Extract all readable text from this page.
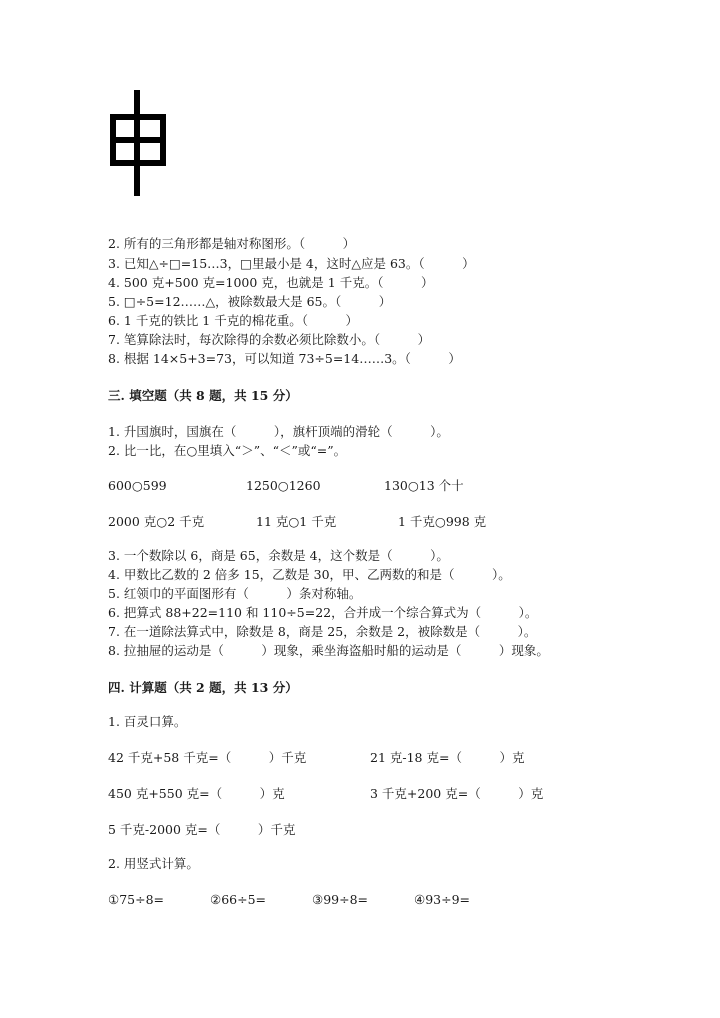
2. 所有的三角形都是轴对称图形。（　　　）
3. 已知△÷□=15…3，□里最小是 4，这时△应是 63。（　　　）
4. 500 克+500 克=1000 克，也就是 1 千克。（　　　）
5. □÷5=12……△，被除数最大是 65。（　　　）
6. 1 千克的铁比 1 千克的棉花重。（　　　）
7. 笔算除法时，每次除得的余数必须比除数小。（　　　）
8. 根据 14×5+3=73，可以知道 73÷5=14……3。（　　　）
三. 填空题（共 8 题，共 15 分）
1. 升国旗时，国旗在（　　　），旗杆顶端的滑轮（　　　）。
2. 比一比，在○里填入“＞”、“＜”或“=”。
600○599	1250○1260	130○13 个十
2000 克○2 千克	11 克○1 千克	1 千克○998 克
3. 一个数除以 6，商是 65，余数是 4，这个数是（　　　）。
4. 甲数比乙数的 2 倍多 15，乙数是 30，甲、乙两数的和是（　　　）。
5. 红领巾的平面图形有（　　　）条对称轴。
6. 把算式 88+22=110 和 110÷5=22，合并成一个综合算式为（　　　）。
7. 在一道除法算式中，除数是 8，商是 25，余数是 2，被除数是（　　　）。
8. 拉抽屉的运动是（　　　）现象，乘坐海盗船时船的运动是（　　　）现象。
四. 计算题（共 2 题，共 13 分）
1. 百灵口算。
42 千克+58 千克=（　　　）千克	21 克-18 克=（　　　）克
450 克+550 克=（　　　）克	3 千克+200 克=（　　　）克
5 千克-2000 克=（　　　）千克
2. 用竖式计算。
①75÷8=	②66÷5=	③99÷8=	④93÷9=
